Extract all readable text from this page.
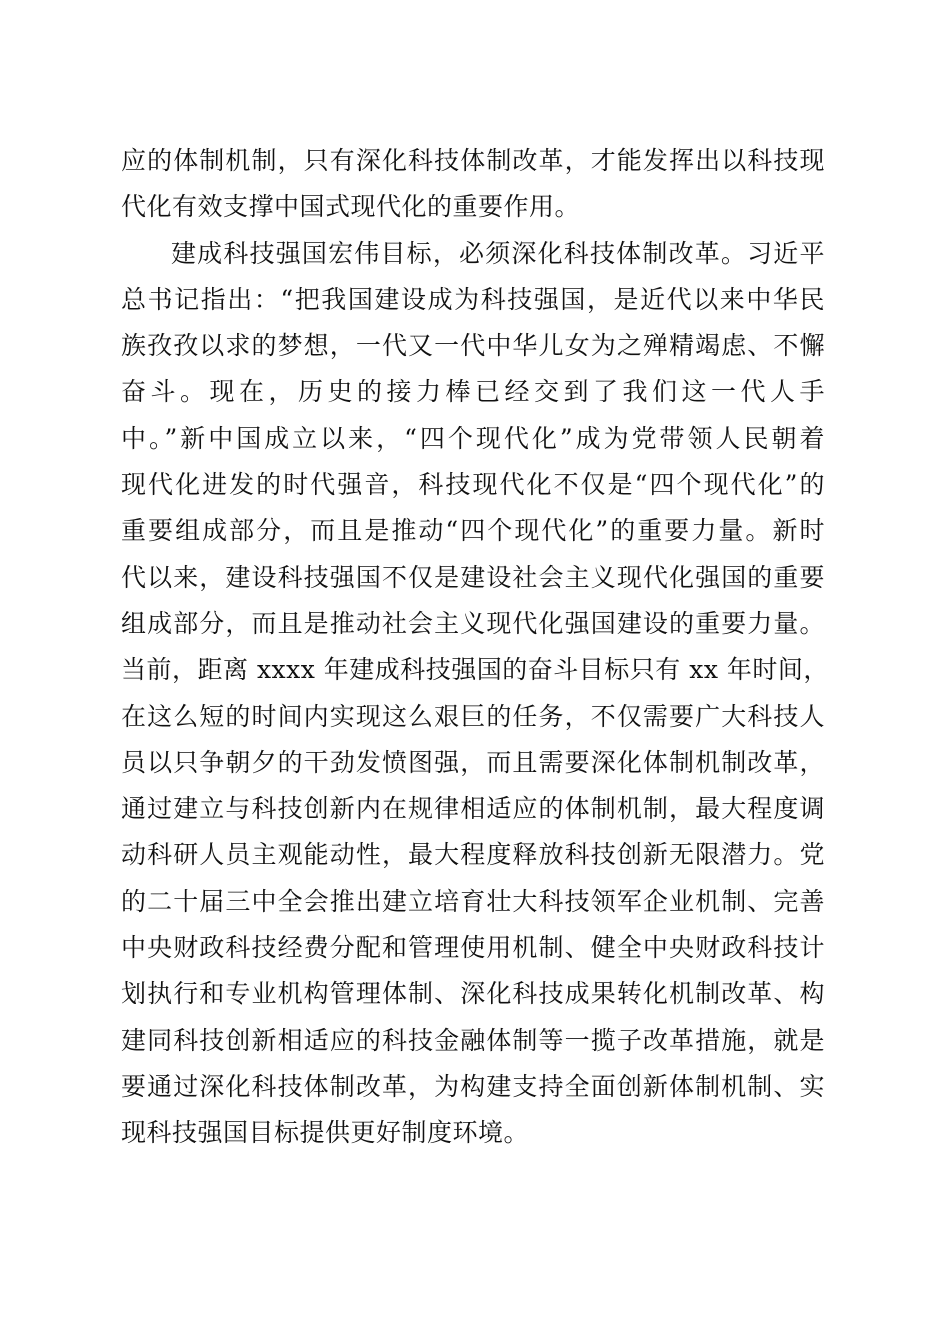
应的体制机制，只有深化科技体制改革，才能发挥出以科技现
代化有效支撑中国式现代化的重要作用。
建成科技强国宏伟目标，必须深化科技体制改革。习近平
总书记指出：“把我国建设成为科技强国，是近代以来中华民
族孜孜以求的梦想，一代又一代中华儿女为之殚精竭虑、不懈
奋斗。现在，历史的接力棒已经交到了我们这一代人手
中。”新中国成立以来，“四个现代化”成为党带领人民朝着
现代化进发的时代强音，科技现代化不仅是“四个现代化”的
重要组成部分，而且是推动“四个现代化”的重要力量。新时
代以来，建设科技强国不仅是建设社会主义现代化强国的重要
组成部分，而且是推动社会主义现代化强国建设的重要力量。
当前，距离 xxxx 年建成科技强国的奋斗目标只有 xx 年时间，
在这么短的时间内实现这么艰巨的任务，不仅需要广大科技人
员以只争朝夕的干劲发愤图强，而且需要深化体制机制改革，
通过建立与科技创新内在规律相适应的体制机制，最大程度调
动科研人员主观能动性，最大程度释放科技创新无限潜力。党
的二十届三中全会推出建立培育壮大科技领军企业机制、完善
中央财政科技经费分配和管理使用机制、健全中央财政科技计
划执行和专业机构管理体制、深化科技成果转化机制改革、构
建同科技创新相适应的科技金融体制等一揽子改革措施，就是
要通过深化科技体制改革，为构建支持全面创新体制机制、实
现科技强国目标提供更好制度环境。
